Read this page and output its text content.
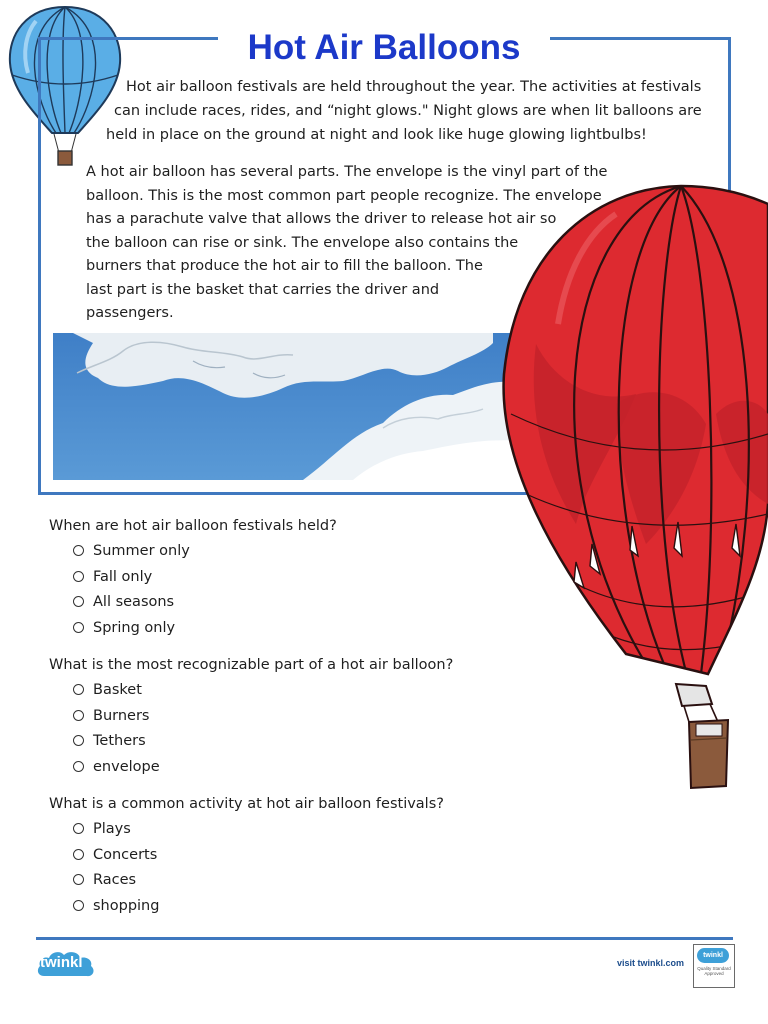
Hot Air Balloons
Hot air balloon festivals are held throughout the year. The activities at festivals
can include races, rides, and “night glows." Night glows are when lit balloons are
held in place on the ground at night and look like huge glowing lightbulbs!
A hot air balloon has several parts. The envelope is the vinyl part of the
balloon. This is the most common part people recognize. The envelope
has a parachute valve that allows the driver to release hot air so
the balloon can rise or sink. The envelope also contains the
burners that produce the hot air to fill the balloon. The
last part is the basket that carries the driver and
passengers.
When are hot air balloon festivals held?
Summer only
Fall only
All seasons
Spring only
What is the most recognizable part of a hot air balloon?
Basket
Burners
Tethers
envelope
What is a common activity at hot air balloon festivals?
Plays
Concerts
Races
shopping
twinkl	visit twinkl.com
twinkl
Quality Standard Approved
